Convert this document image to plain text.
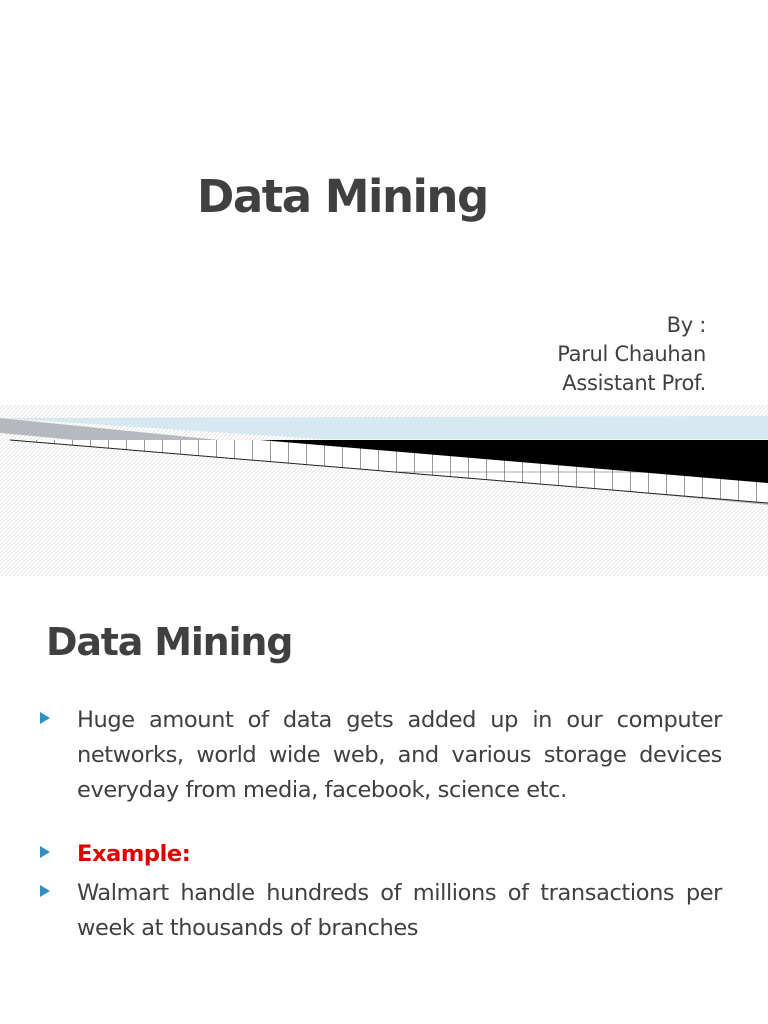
Data Mining
By :
Parul Chauhan
Assistant Prof.
Data Mining
Huge amount of data gets added up in our computer networks, world wide web, and various storage devices everyday from media, facebook, science etc.
Example:
Walmart handle hundreds of millions of transactions per week at thousands of branches
